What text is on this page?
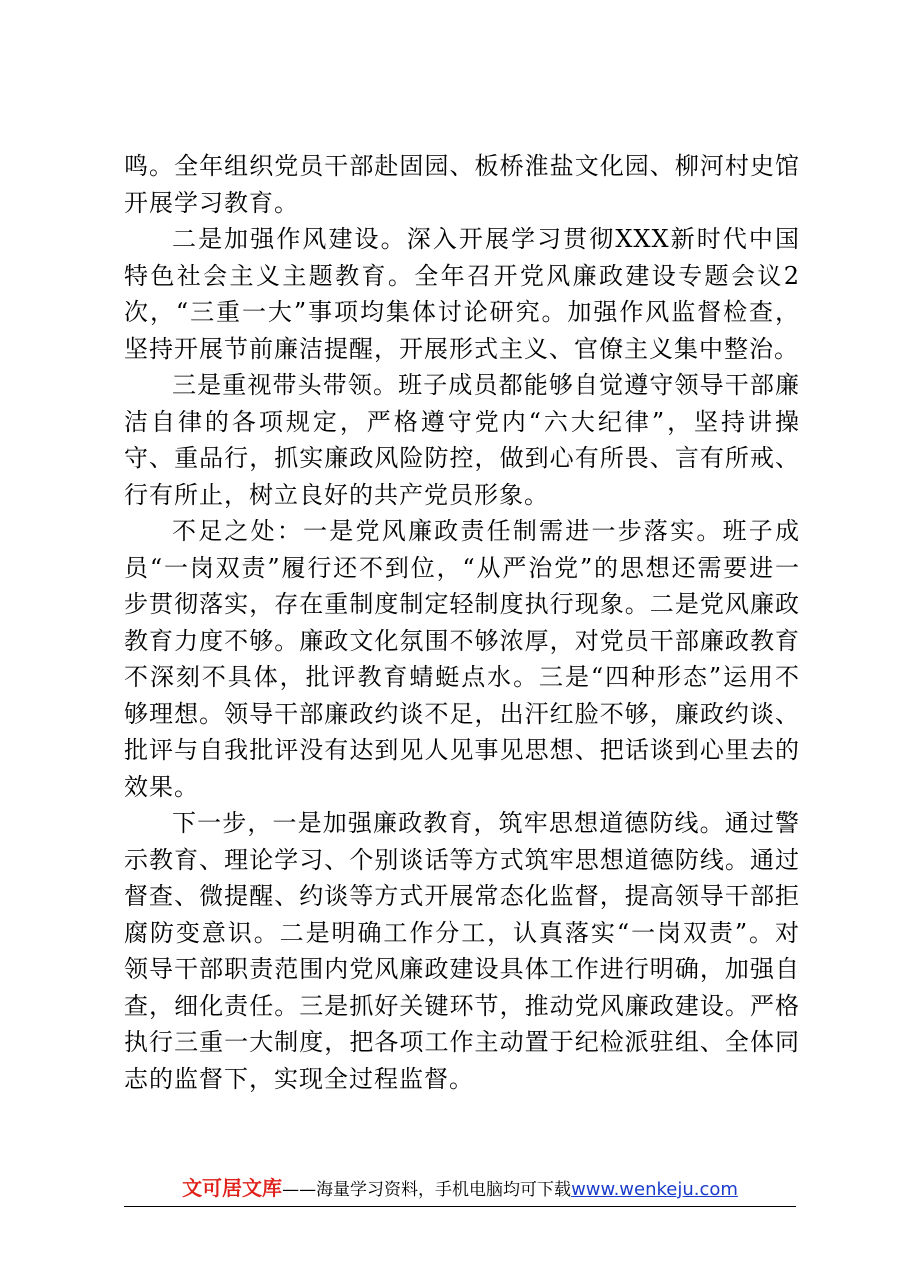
鸣。全年组织党员干部赴固园、板桥淮盐文化园、柳河村史馆开展学习教育。

二是加强作风建设。深入开展学习贯彻XXX新时代中国特色社会主义主题教育。全年召开党风廉政建设专题会议2次，“三重一大”事项均集体讨论研究。加强作风监督检查，坚持开展节前廉洁提醒，开展形式主义、官僚主义集中整治。

三是重视带头带领。班子成员都能够自觉遵守领导干部廉洁自律的各项规定，严格遵守党内“六大纪律”，坚持讲操守、重品行，抓实廉政风险防控，做到心有所畏、言有所戒、行有所止，树立良好的共产党员形象。

不足之处：一是党风廉政责任制需进一步落实。班子成员“一岗双责”履行还不到位，“从严治党”的思想还需要进一步贯彻落实，存在重制度制定轻制度执行现象。二是党风廉政教育力度不够。廉政文化氛围不够浓厚，对党员干部廉政教育不深刻不具体，批评教育蜻蜓点水。三是“四种形态”运用不够理想。领导干部廉政约谈不足，出汗红脸不够，廉政约谈、批评与自我批评没有达到见人见事见思想、把话谈到心里去的效果。

下一步，一是加强廉政教育，筑牢思想道德防线。通过警示教育、理论学习、个别谈话等方式筑牢思想道德防线。通过督查、微提醒、约谈等方式开展常态化监督，提高领导干部拒腐防变意识。二是明确工作分工，认真落实“一岗双责”。对领导干部职责范围内党风廉政建设具体工作进行明确，加强自查，细化责任。三是抓好关键环节，推动党风廉政建设。严格执行三重一大制度，把各项工作主动置于纪检派驻组、全体同志的监督下，实现全过程监督。

文可居文库——海量学习资料，手机电脑均可下载www.wenkeju.com
